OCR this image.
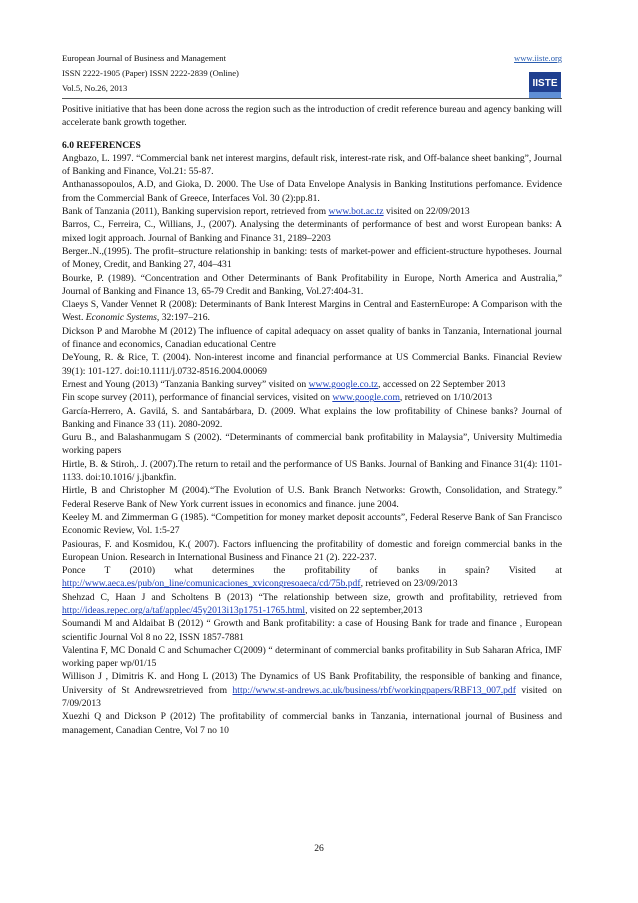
European Journal of Business and Management
ISSN 2222-1905 (Paper) ISSN 2222-2839 (Online)
Vol.5, No.26, 2013
www.iiste.org
IISTE

Positive initiative that has been done across the region such as the introduction of credit reference bureau and agency banking will accelerate bank growth together.

6.0 REFERENCES

Angbazo, L. 1997. “Commercial bank net interest margins, default risk, interest-rate risk, and Off-balance sheet banking”, Journal of Banking and Finance, Vol.21: 55-87.

Anthanassopoulos, A.D, and Gioka, D. 2000. The Use of Data Envelope Analysis in Banking Institutions perfomance. Evidence from the Commercial Bank of Greece, Interfaces Vol. 30 (2):pp.81.

Bank of Tanzania (2011), Banking supervision report, retrieved from www.bot.ac.tz visited on 22/09/2013

Barros, C., Ferreira, C., Willians, J., (2007). Analysing the determinants of performance of best and worst European banks: A mixed logit approach. Journal of Banking and Finance 31, 2189–2203

Berger..N.,(1995). The profit–structure relationship in banking: tests of market-power and efficient-structure hypotheses. Journal of Money, Credit, and Banking 27, 404–431

Bourke, P. (1989). “Concentration and Other Determinants of Bank Profitability in Europe, North America and Australia,” Journal of Banking and Finance 13, 65-79 Credit and Banking, Vol.27:404-31.

Claeys S, Vander Vennet R (2008): Determinants of Bank Interest Margins in Central and EasternEurope: A Comparison with the West. Economic Systems, 32:197–216.

Dickson P and Marobhe M (2012) The influence of capital adequacy on asset quality of banks in Tanzania, International journal of finance and economics, Canadian educational Centre

DeYoung, R. & Rice, T. (2004). Non-interest income and financial performance at US Commercial Banks. Financial Review 39(1): 101-127. doi:10.1111/j.0732-8516.2004.00069

Ernest and Young (2013) “Tanzania Banking survey” visited on www.google.co.tz, accessed on 22 September 2013

Fin scope survey (2011), performance of financial services, visited on www.google.com, retrieved on 1/10/2013

García-Herrero, A. Gavilá, S. and Santabárbara, D. (2009. What explains the low profitability of Chinese banks? Journal of Banking and Finance 33 (11). 2080-2092.

Guru B., and Balashanmugam S (2002). “Determinants of commercial bank profitability in Malaysia”, University Multimedia working papers

Hirtle, B. & Stiroh,. J. (2007).The return to retail and the performance of US Banks. Journal of Banking and Finance 31(4): 1101-1133. doi:10.1016/ j.jbankfin.

Hirtle, B and Christopher M (2004).“The Evolution of U.S. Bank Branch Networks: Growth, Consolidation, and Strategy.” Federal Reserve Bank of New York current issues in economics and finance. june 2004.

Keeley M. and Zimmerman G (1985). “Competition for money market deposit accounts”, Federal Reserve Bank of San Francisco Economic Review, Vol. 1:5-27

Pasiouras, F. and Kosmidou, K.( 2007). Factors influencing the profitability of domestic and foreign commercial banks in the European Union. Research in International Business and Finance 21 (2). 222-237.

Ponce T (2010) what determines the profitability of banks in spain? Visited at http://www.aeca.es/pub/on_line/comunicaciones_xvicongresoaeca/cd/75b.pdf, retrieved on 23/09/2013

Shehzad C, Haan J and Scholtens B (2013) “The relationship between size, growth and profitability, retrieved from http://ideas.repec.org/a/taf/applec/45y2013i13p1751-1765.html, visited on 22 september,2013

Soumandi M and Aldaibat B (2012) “ Growth and Bank profitability: a case of Housing Bank for trade and finance , European scientific Journal Vol 8 no 22, ISSN 1857-7881

Valentina F, MC Donald C and Schumacher C(2009) “ determinant of commercial banks profitability in Sub Saharan Africa, IMF working paper wp/01/15

Willison J , Dimitris K. and Hong L (2013) The Dynamics of US Bank Profitability, the responsible of banking and finance, University of St Andrewsretrieved from http://www.st-andrews.ac.uk/business/rbf/workingpapers/RBF13_007.pdf visited on 7/09/2013

Xuezhi Q and Dickson P (2012) The profitability of commercial banks in Tanzania, international journal of Business and management, Canadian Centre, Vol 7 no 10

26
